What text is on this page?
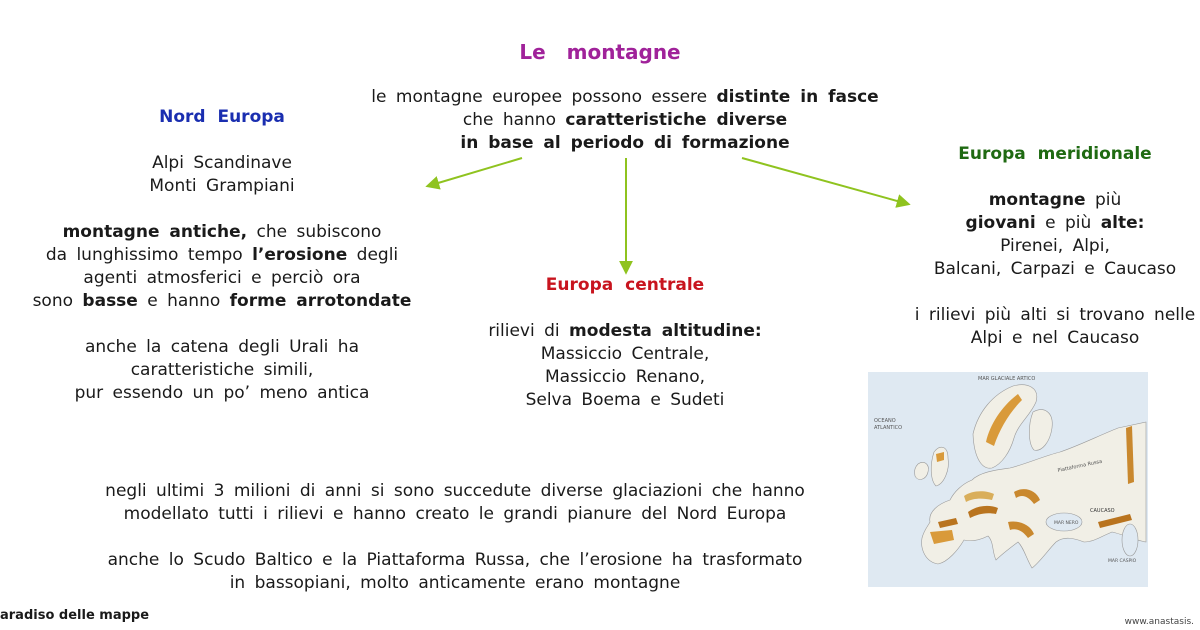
Le montagne
le montagne europee possono essere distinte in fasce
che hanno caratteristiche diverse
in base al periodo di formazione
Nord Europa

Alpi Scandinave

Monti Grampiani

montagne antiche, che subiscono

da lunghissimo tempo l’erosione degli

agenti atmosferici e perciò ora

sono basse e hanno forme arrotondate

anche la catena degli Urali ha

caratteristiche simili,

pur essendo un po’ meno antica

Europa centrale

rilievi di modesta altitudine:

Massiccio Centrale,

Massiccio Renano,

Selva Boema e Sudeti

Europa meridionale

montagne più

giovani e più alte:

Pirenei, Alpi,

Balcani, Carpazi e Caucaso

i rilievi più alti si trovano nelle

Alpi e nel Caucaso

MAR GLACIALE ARTICO
OCEANO
ATLANTICO
Piattaforma Russa
CAUCASO
MAR CASPIO
MAR NERO
negli ultimi 3 milioni di anni si sono succedute diverse glaciazioni che hanno
modellato tutti i rilievi e hanno creato le grandi pianure del Nord Europa
anche lo Scudo Baltico e la Piattaforma Russa, che l’erosione ha trasformato
in bassopiani, molto anticamente erano montagne
aradiso delle mappe	www.anastasis.
